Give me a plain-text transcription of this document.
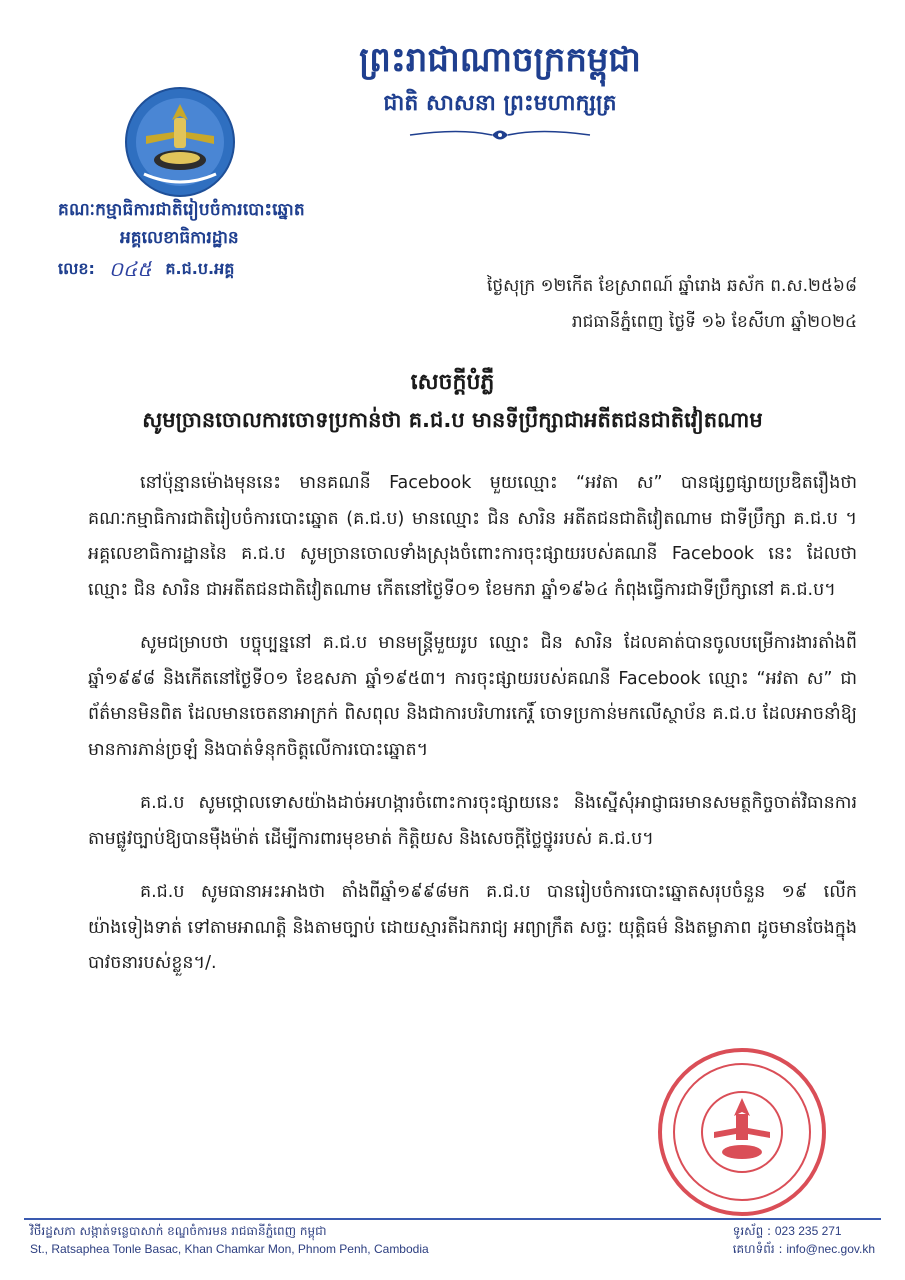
ព្រះរាជាណាចក្រកម្ពុជា
ជាតិ សាសនា ព្រះមហាក្សត្រ
គណៈកម្មាធិការជាតិរៀបចំការបោះឆ្នោត
អគ្គលេខាធិការដ្ឋាន
លេខ: ០៤៥ គ.ជ.ប.អគ្គ
ថ្ងៃសុក្រ ១២កើត ខែស្រាពណ៍ ឆ្នាំរោង ឆស័ក ព.ស.២៥៦៨
រាជធានីភ្នំពេញ ថ្ងៃទី ១៦ ខែសីហា ឆ្នាំ២០២៤
សេចក្តីបំភ្លឺ
សូមច្រានចោលការចោទប្រកាន់ថា គ.ជ.ប មានទីប្រឹក្សាជាអតីតជនជាតិវៀតណាម

នៅប៉ុន្មានម៉ោងមុននេះ មានគណនី Facebook មួយឈ្មោះ “អវតា ស” បានផ្សព្វផ្សាយប្រឌិតរឿងថា គណៈកម្មាធិការជាតិរៀបចំការបោះឆ្នោត (គ.ជ.ប) មានឈ្មោះ ជិន សារិន អតីតជនជាតិវៀតណាម ជាទីប្រឹក្សា គ.ជ.ប ។ អគ្គលេខាធិការដ្ឋាននៃ គ.ជ.ប សូមច្រានចោលទាំងស្រុងចំពោះការចុះផ្សាយរបស់គណនី Facebook នេះ ដែលថា ឈ្មោះ ជិន សារិន ជាអតីតជនជាតិវៀតណាម កើតនៅថ្ងៃទី០១ ខែមករា ឆ្នាំ១៩៦៤ កំពុងធ្វើការជាទីប្រឹក្សានៅ គ.ជ.ប។

សូមជម្រាបថា បច្ចុប្បន្ននៅ គ.ជ.ប មានមន្ត្រីមួយរូប ឈ្មោះ ជិន សារិន ដែលគាត់បានចូលបម្រើការងារតាំងពីឆ្នាំ១៩៩៨ និងកើតនៅថ្ងៃទី០១ ខែឧសភា ឆ្នាំ១៩៥៣។ ការចុះផ្សាយរបស់គណនី Facebook ឈ្មោះ “អវតា ស” ជាព័ត៌មានមិនពិត ដែលមានចេតនាអាក្រក់ ពិសពុល និងជាការបរិហារកេរ្តិ៍ ចោទប្រកាន់មកលើស្ថាប័ន គ.ជ.ប ដែលអាចនាំឱ្យមានការភាន់ច្រឡំ និងបាត់ទំនុកចិត្តលើការបោះឆ្នោត។

គ.ជ.ប សូមថ្កោលទោសយ៉ាងដាច់អហង្ការចំពោះការចុះផ្សាយនេះ និងស្នើសុំអាជ្ញាធរមានសមត្ថកិច្ចចាត់វិធានការតាមផ្លូវច្បាប់ឱ្យបានម៉ឺងម៉ាត់ ដើម្បីការពារមុខមាត់ កិត្តិយស និងសេចក្តីថ្លៃថ្នូររបស់ គ.ជ.ប។

គ.ជ.ប សូមធានាអះអាងថា តាំងពីឆ្នាំ១៩៩៨មក គ.ជ.ប បានរៀបចំការបោះឆ្នោតសរុបចំនួន ១៩ លើក យ៉ាងទៀងទាត់ ទៅតាមអាណត្តិ និងតាមច្បាប់ ដោយស្មារតីឯករាជ្យ អព្យាក្រឹត សច្ចៈ យុត្តិធម៌ និងតម្លាភាព ដូចមានចែងក្នុងបាវចនារបស់ខ្លួន។/.

វិថីរដ្ឋសភា សង្កាត់ទន្លេបាសាក់ ខណ្ឌចំការមន រាជធានីភ្នំពេញ កម្ពុជា
St., Ratsaphea Tonle Basac, Khan Chamkar Mon, Phnom Penh, Cambodia
ទូរស័ព្ទ : 023 235 271
គេហទំព័រ : info@nec.gov.kh
